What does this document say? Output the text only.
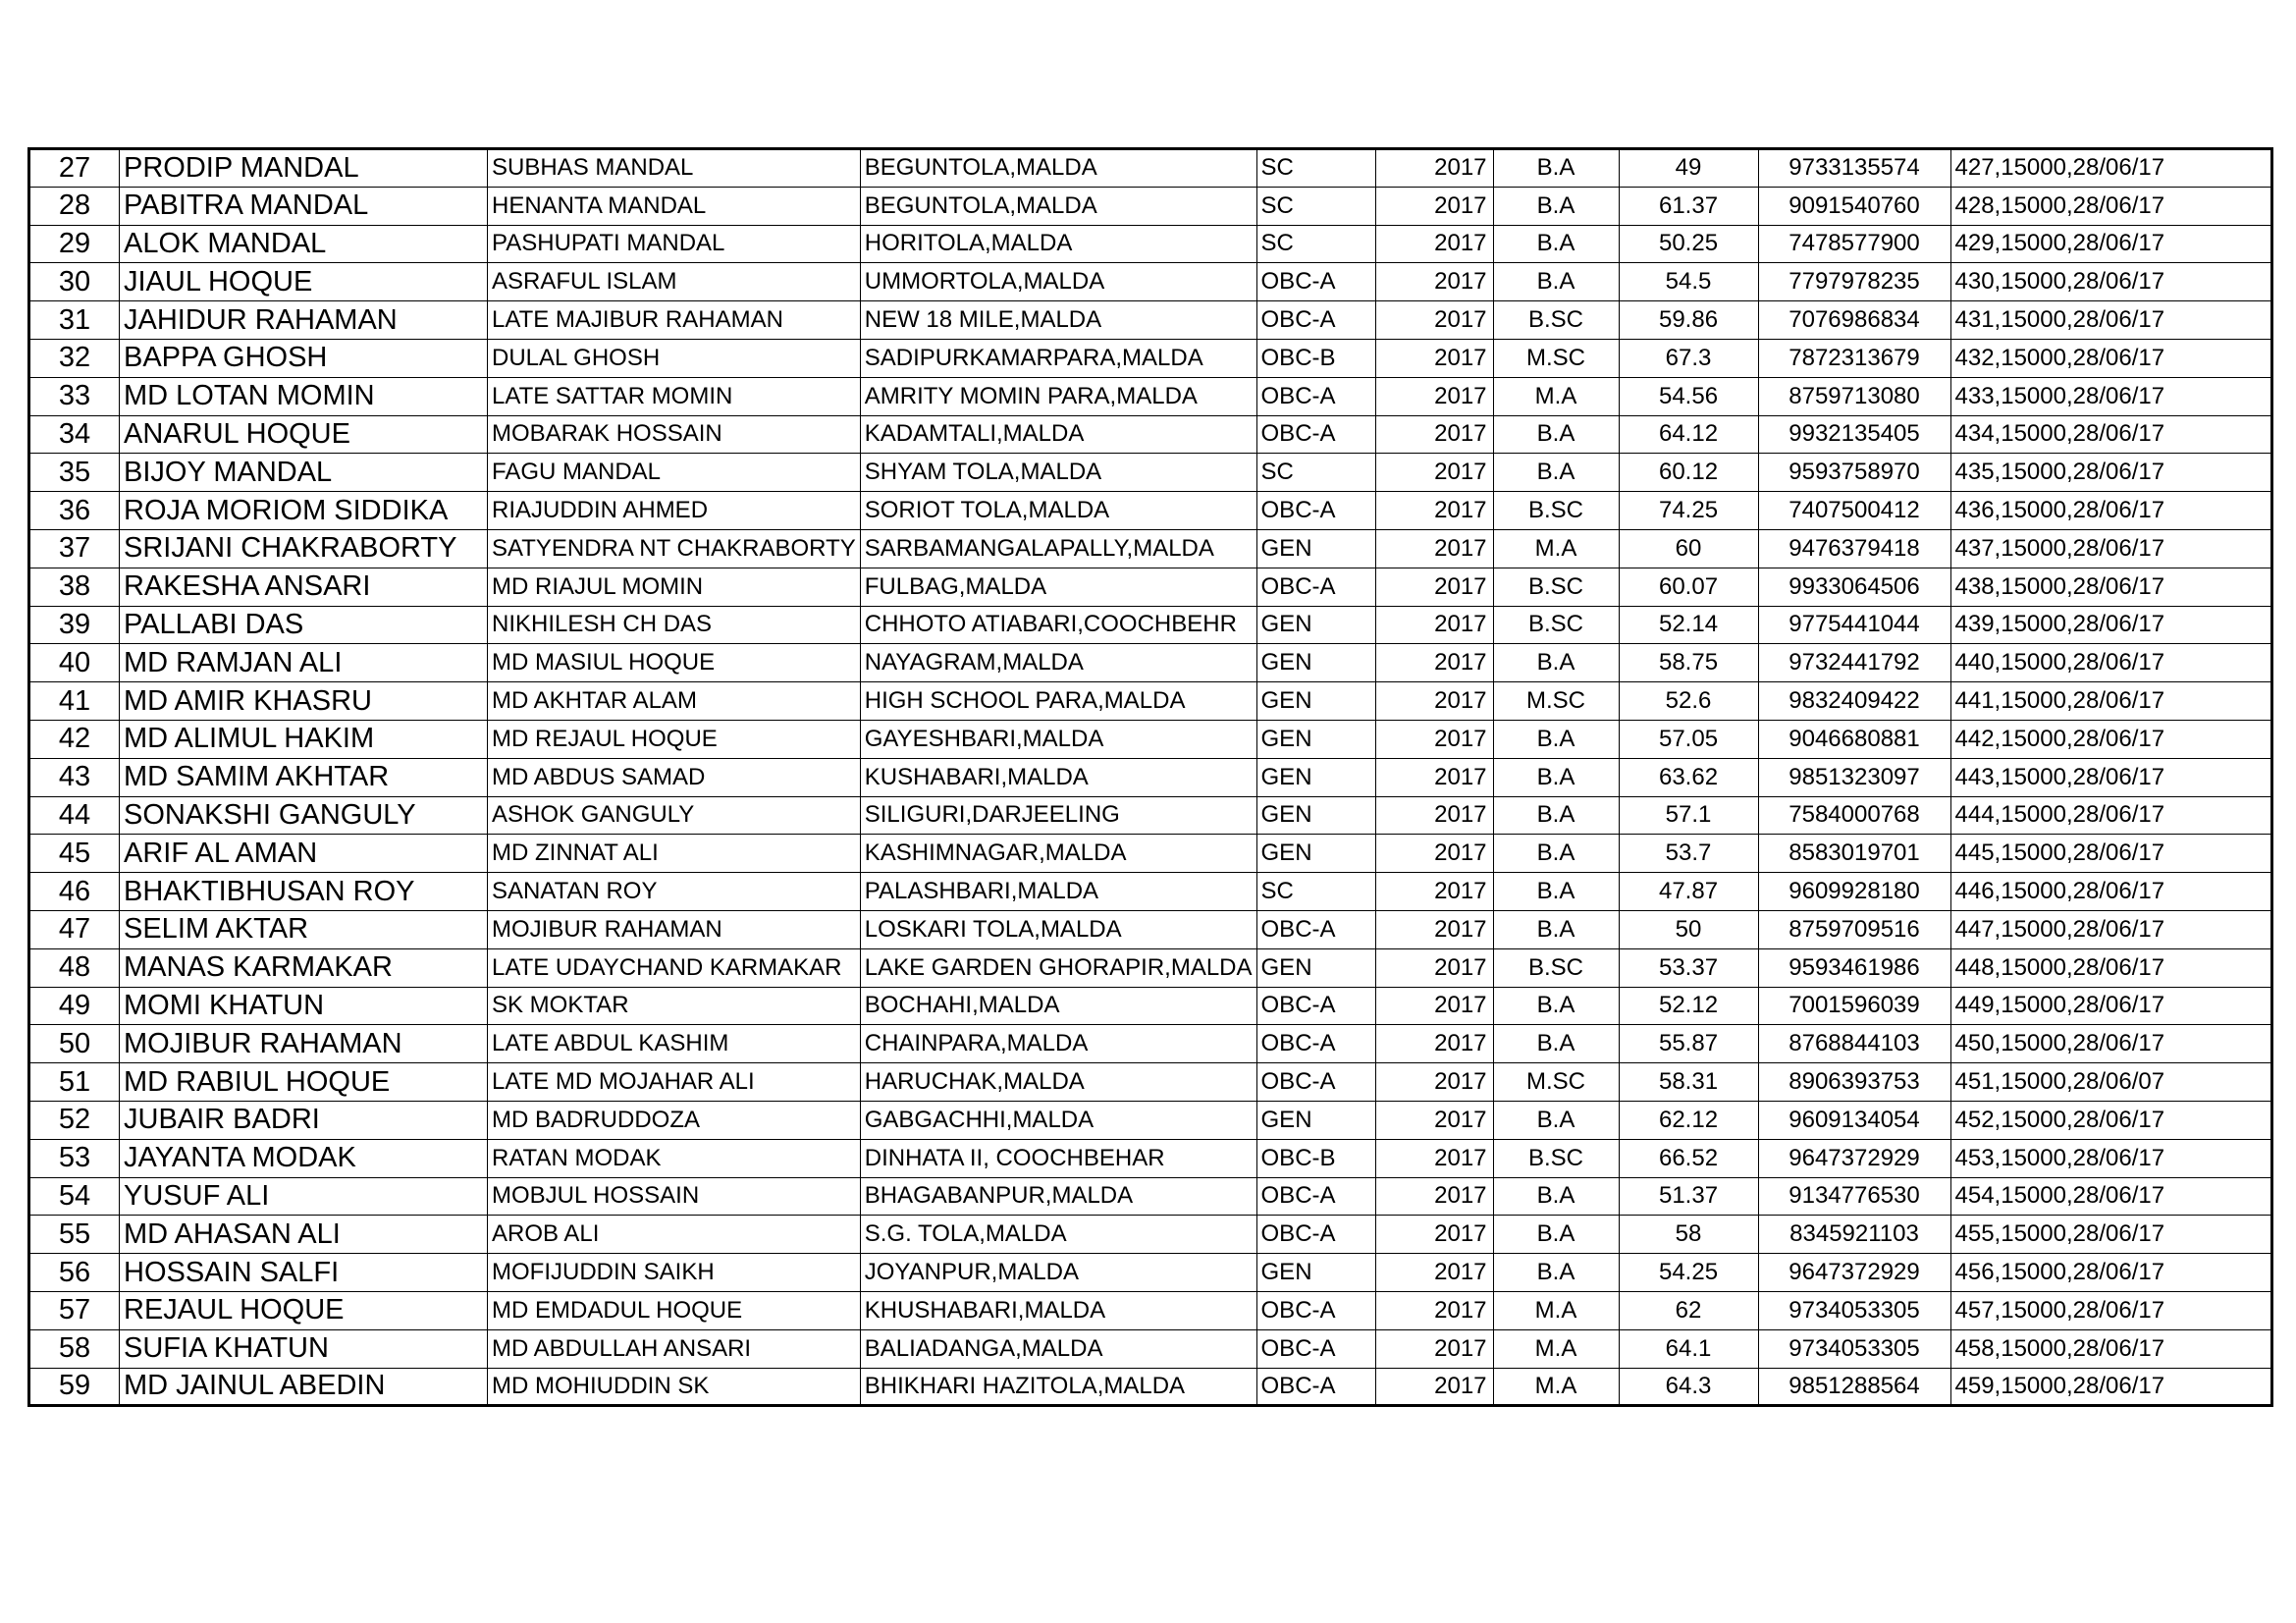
27	PRODIP MANDAL	SUBHAS MANDAL	BEGUNTOLA,MALDA	SC	2017	B.A	49	9733135574	427,15000,28/06/17
28	PABITRA MANDAL	HENANTA MANDAL	BEGUNTOLA,MALDA	SC	2017	B.A	61.37	9091540760	428,15000,28/06/17
29	ALOK MANDAL	PASHUPATI MANDAL	HORITOLA,MALDA	SC	2017	B.A	50.25	7478577900	429,15000,28/06/17
30	JIAUL HOQUE	ASRAFUL ISLAM	UMMORTOLA,MALDA	OBC-A	2017	B.A	54.5	7797978235	430,15000,28/06/17
31	JAHIDUR RAHAMAN	LATE MAJIBUR RAHAMAN	NEW 18 MILE,MALDA	OBC-A	2017	B.SC	59.86	7076986834	431,15000,28/06/17
32	BAPPA GHOSH	DULAL GHOSH	SADIPURKAMARPARA,MALDA	OBC-B	2017	M.SC	67.3	7872313679	432,15000,28/06/17
33	MD LOTAN MOMIN	LATE SATTAR MOMIN	AMRITY MOMIN PARA,MALDA	OBC-A	2017	M.A	54.56	8759713080	433,15000,28/06/17
34	ANARUL HOQUE	MOBARAK HOSSAIN	KADAMTALI,MALDA	OBC-A	2017	B.A	64.12	9932135405	434,15000,28/06/17
35	BIJOY MANDAL	FAGU MANDAL	SHYAM TOLA,MALDA	SC	2017	B.A	60.12	9593758970	435,15000,28/06/17
36	ROJA MORIOM SIDDIKA	RIAJUDDIN AHMED	SORIOT TOLA,MALDA	OBC-A	2017	B.SC	74.25	7407500412	436,15000,28/06/17
37	SRIJANI CHAKRABORTY	SATYENDRA NT CHAKRABORTY	SARBAMANGALAPALLY,MALDA	GEN	2017	M.A	60	9476379418	437,15000,28/06/17
38	RAKESHA ANSARI	MD RIAJUL MOMIN	FULBAG,MALDA	OBC-A	2017	B.SC	60.07	9933064506	438,15000,28/06/17
39	PALLABI DAS	NIKHILESH CH DAS	CHHOTO ATIABARI,COOCHBEHR	GEN	2017	B.SC	52.14	9775441044	439,15000,28/06/17
40	MD RAMJAN ALI	MD MASIUL HOQUE	NAYAGRAM,MALDA	GEN	2017	B.A	58.75	9732441792	440,15000,28/06/17
41	MD AMIR KHASRU	MD AKHTAR ALAM	HIGH SCHOOL PARA,MALDA	GEN	2017	M.SC	52.6	9832409422	441,15000,28/06/17
42	MD ALIMUL HAKIM	MD REJAUL HOQUE	GAYESHBARI,MALDA	GEN	2017	B.A	57.05	9046680881	442,15000,28/06/17
43	MD SAMIM AKHTAR	MD ABDUS SAMAD	KUSHABARI,MALDA	GEN	2017	B.A	63.62	9851323097	443,15000,28/06/17
44	SONAKSHI GANGULY	ASHOK GANGULY	SILIGURI,DARJEELING	GEN	2017	B.A	57.1	7584000768	444,15000,28/06/17
45	ARIF AL AMAN	MD ZINNAT ALI	KASHIMNAGAR,MALDA	GEN	2017	B.A	53.7	8583019701	445,15000,28/06/17
46	BHAKTIBHUSAN ROY	SANATAN ROY	PALASHBARI,MALDA	SC	2017	B.A	47.87	9609928180	446,15000,28/06/17
47	SELIM AKTAR	MOJIBUR RAHAMAN	LOSKARI TOLA,MALDA	OBC-A	2017	B.A	50	8759709516	447,15000,28/06/17
48	MANAS KARMAKAR	LATE UDAYCHAND KARMAKAR	LAKE GARDEN GHORAPIR,MALDA	GEN	2017	B.SC	53.37	9593461986	448,15000,28/06/17
49	MOMI KHATUN	SK MOKTAR	BOCHAHI,MALDA	OBC-A	2017	B.A	52.12	7001596039	449,15000,28/06/17
50	MOJIBUR RAHAMAN	LATE ABDUL KASHIM	CHAINPARA,MALDA	OBC-A	2017	B.A	55.87	8768844103	450,15000,28/06/17
51	MD RABIUL HOQUE	LATE MD MOJAHAR ALI	HARUCHAK,MALDA	OBC-A	2017	M.SC	58.31	8906393753	451,15000,28/06/07
52	JUBAIR BADRI	MD BADRUDDOZA	GABGACHHI,MALDA	GEN	2017	B.A	62.12	9609134054	452,15000,28/06/17
53	JAYANTA MODAK	RATAN MODAK	DINHATA II, COOCHBEHAR	OBC-B	2017	B.SC	66.52	9647372929	453,15000,28/06/17
54	YUSUF ALI	MOBJUL HOSSAIN	BHAGABANPUR,MALDA	OBC-A	2017	B.A	51.37	9134776530	454,15000,28/06/17
55	MD AHASAN ALI	AROB ALI	S.G. TOLA,MALDA	OBC-A	2017	B.A	58	8345921103	455,15000,28/06/17
56	HOSSAIN SALFI	MOFIJUDDIN SAIKH	JOYANPUR,MALDA	GEN	2017	B.A	54.25	9647372929	456,15000,28/06/17
57	REJAUL HOQUE	MD EMDADUL HOQUE	KHUSHABARI,MALDA	OBC-A	2017	M.A	62	9734053305	457,15000,28/06/17
58	SUFIA KHATUN	MD ABDULLAH ANSARI	BALIADANGA,MALDA	OBC-A	2017	M.A	64.1	9734053305	458,15000,28/06/17
59	MD JAINUL ABEDIN	MD MOHIUDDIN SK	BHIKHARI HAZITOLA,MALDA	OBC-A	2017	M.A	64.3	9851288564	459,15000,28/06/17
